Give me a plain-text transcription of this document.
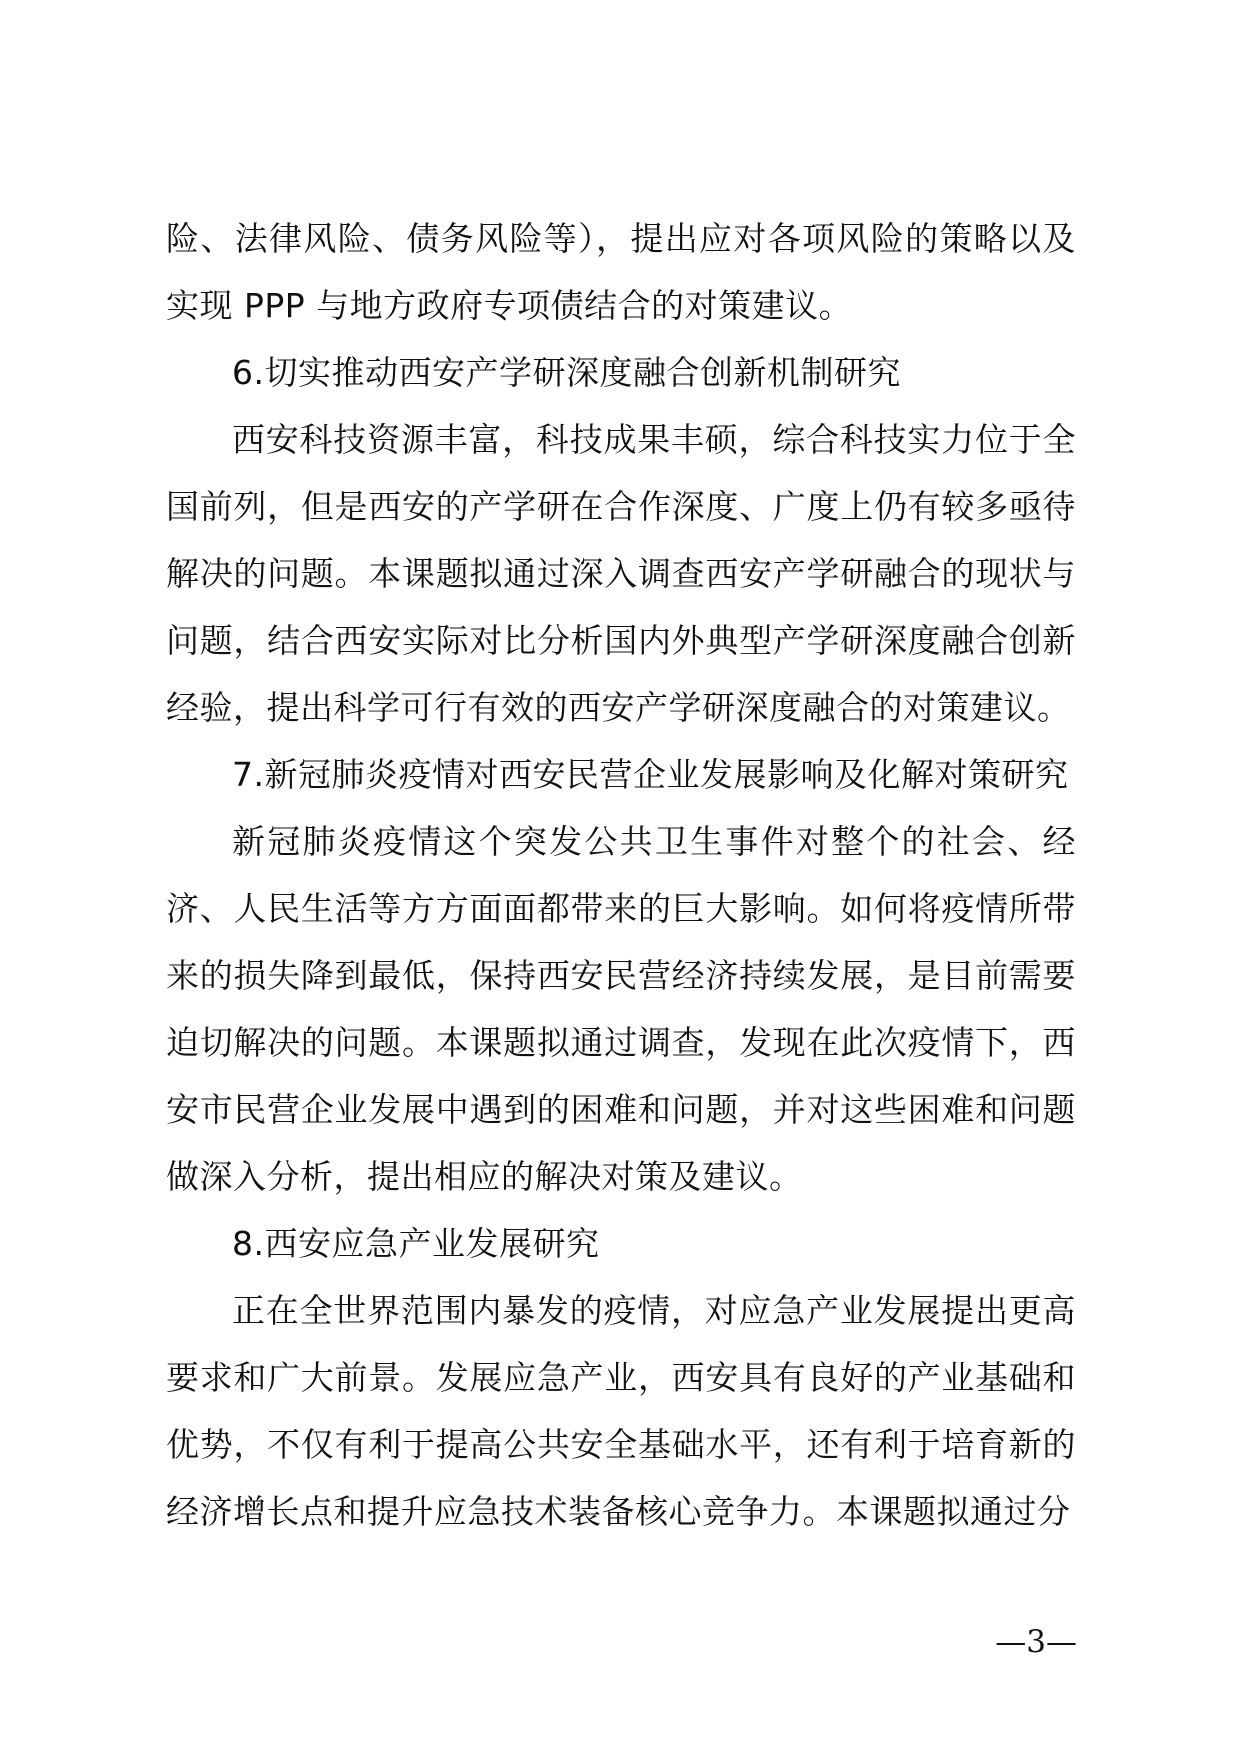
险、法律风险、债务风险等），提出应对各项风险的策略以及实现 PPP 与地方政府专项债结合的对策建议。

6.切实推动西安产学研深度融合创新机制研究

西安科技资源丰富，科技成果丰硕，综合科技实力位于全国前列，但是西安的产学研在合作深度、广度上仍有较多亟待解决的问题。本课题拟通过深入调查西安产学研融合的现状与问题，结合西安实际对比分析国内外典型产学研深度融合创新经验，提出科学可行有效的西安产学研深度融合的对策建议。

7.新冠肺炎疫情对西安民营企业发展影响及化解对策研究

新冠肺炎疫情这个突发公共卫生事件对整个的社会、经济、人民生活等方方面面都带来的巨大影响。如何将疫情所带来的损失降到最低，保持西安民营经济持续发展，是目前需要迫切解决的问题。本课题拟通过调查，发现在此次疫情下，西安市民营企业发展中遇到的困难和问题，并对这些困难和问题做深入分析，提出相应的解决对策及建议。

8.西安应急产业发展研究

正在全世界范围内暴发的疫情，对应急产业发展提出更高要求和广大前景。发展应急产业，西安具有良好的产业基础和优势，不仅有利于提高公共安全基础水平，还有利于培育新的经济增长点和提升应急技术装备核心竞争力。本课题拟通过分

—3—
